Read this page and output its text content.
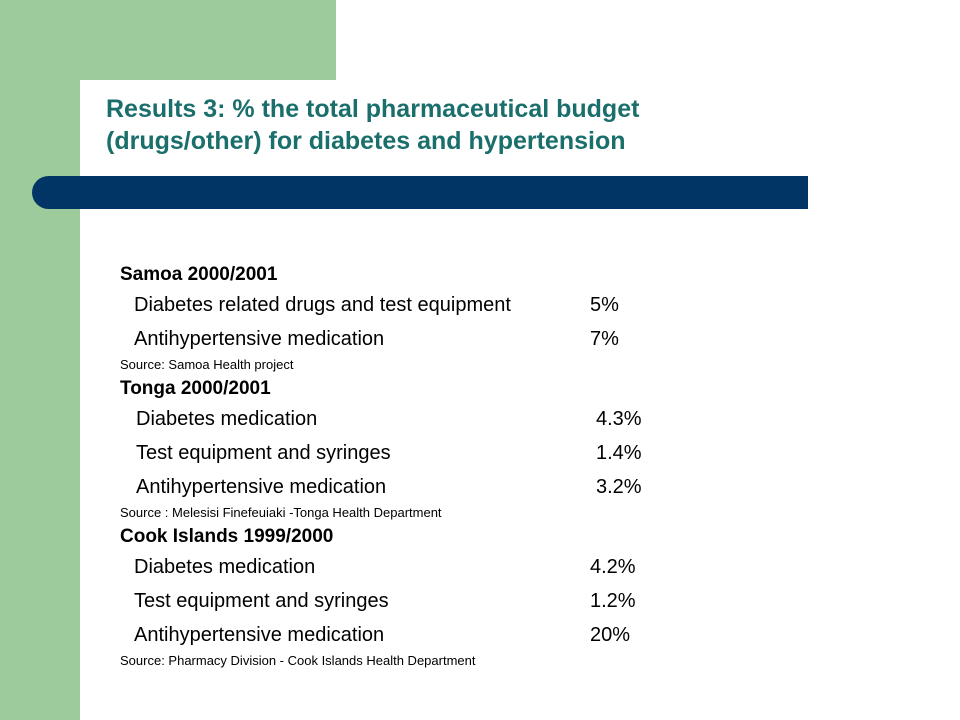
Results 3: % the total pharmaceutical budget
(drugs/other) for diabetes and hypertension
Samoa 2000/2001
Diabetes related drugs and test equipment	5%
Antihypertensive medication	7%
Source: Samoa Health project
Tonga 2000/2001
Diabetes medication	4.3%
Test equipment and syringes	1.4%
Antihypertensive medication	3.2%
Source : Melesisi Finefeuiaki -Tonga Health Department
Cook Islands 1999/2000
Diabetes medication	4.2%
Test equipment and syringes	1.2%
Antihypertensive medication	20%
Source: Pharmacy Division - Cook Islands Health Department
